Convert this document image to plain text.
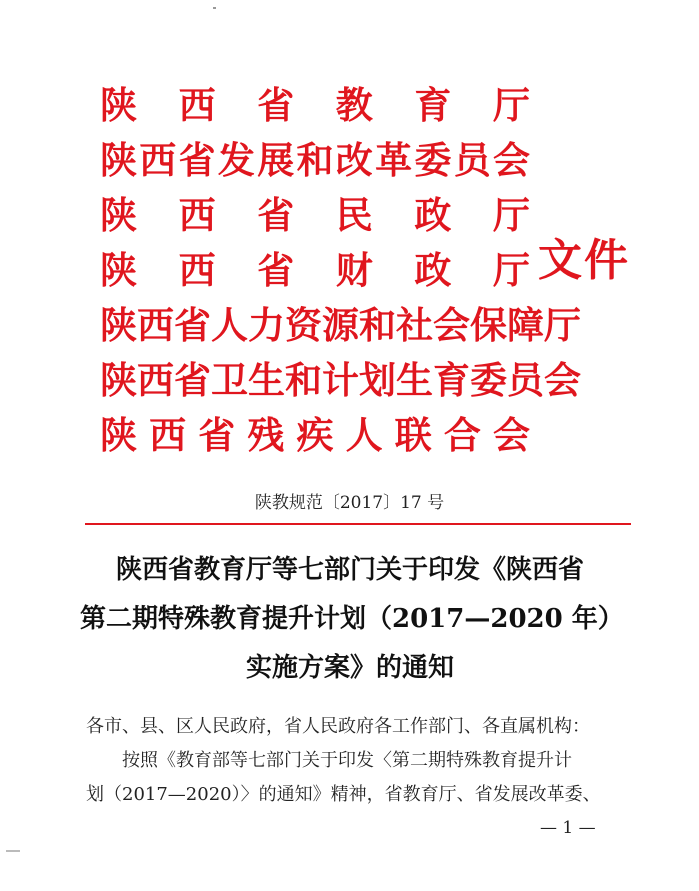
陕西省教育厅
陕西省发展和改革委员会
陕西省民政厅
陕西省财政厅
陕西省人力资源和社会保障厅
陕西省卫生和计划生育委员会
陕西省残疾人联合会
文件
陕教规范〔2017〕17 号
陕西省教育厅等七部门关于印发《陕西省
第二期特殊教育提升计划（2017—2020 年）
实施方案》的通知
各市、县、区人民政府，省人民政府各工作部门、各直属机构：
按照《教育部等七部门关于印发〈第二期特殊教育提升计
划（2017—2020）〉的通知》精神，省教育厅、省发展改革委、
— 1 —
